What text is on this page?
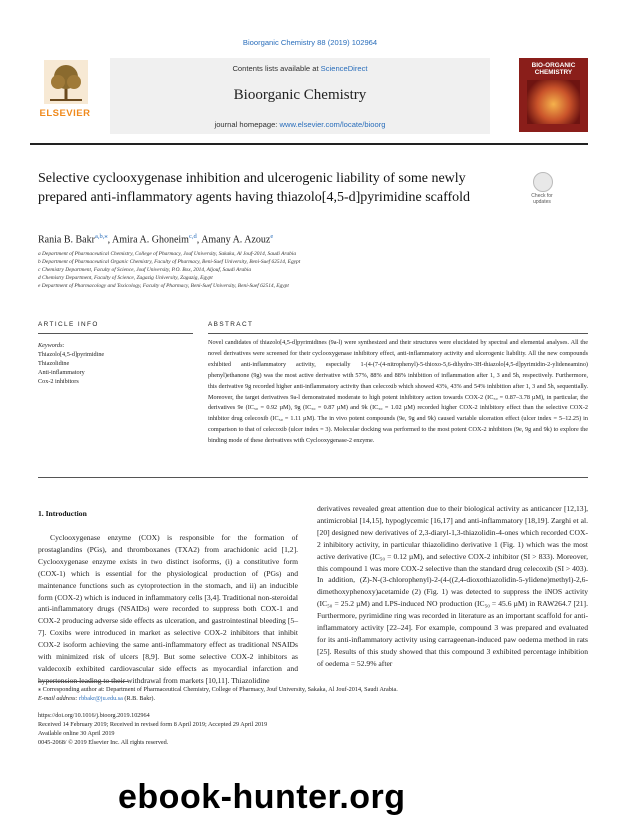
Bioorganic Chemistry 88 (2019) 102964
ELSEVIER
Contents lists available at ScienceDirect
Bioorganic Chemistry
journal homepage: www.elsevier.com/locate/bioorg
BIO-ORGANIC CHEMISTRY
Selective cyclooxygenase inhibition and ulcerogenic liability of some newly prepared anti-inflammatory agents having thiazolo[4,5-d]pyrimidine scaffold	Check for updates
Rania B. Bakr$^{a,b,⁎}$, Amira A. Ghoneim$^{c,d}$, Amany A. Azouz$^e$
a Department of Pharmaceutical Chemistry, College of Pharmacy, Jouf University, Sakaka, Al Jouf-2014, Saudi Arabia
b Department of Pharmaceutical Organic Chemistry, Faculty of Pharmacy, Beni-Suef University, Beni-Suef 62514, Egypt
c Chemistry Department, Faculty of Science, Jouf University, P.O. Box, 2014, Aljouf, Saudi Arabia
d Chemistry Department, Faculty of Science, Zagazig University, Zagazig, Egypt
e Department of Pharmacology and Toxicology, Faculty of Pharmacy, Beni-Suef University, Beni-Suef 62514, Egypt
ARTICLE INFO	ABSTRACT
Keywords:
Thiazolo[4,5-d]pyrimidine
Thiazolidine
Anti-inflammatory
Cox-2 inhibitors
Novel candidates of thiazolo[4,5-d]pyrimidines (9a-l) were synthesized and their structures were elucidated by spectral and elemental analyses. All the novel derivatives were screened for their cyclooxygenase inhibitory effect, anti-inflammatory activity and ulcerogenic liability. All the new compounds exhibited anti-inflammatory activity, especially 1-(4-(7-(4-nitrophenyl)-5-thioxo-5,6-dihydro-3H-thiazolo[4,5-d]pyrimidin-2-ylideneamino) phenyl)ethanone (9g) was the most active derivative with 57%, 88% and 88% inhibition of inflammation after 1, 3 and 5h, respectively. Furthermore, this derivative 9g recorded higher anti-inflammatory activity than celecoxib which showed 43%, 43% and 54% inhibition after 1, 3 and 5h, sequentially. Moreover, the target derivatives 9a-l demonstrated moderate to high potent inhibitory action towards COX-2 (IC₅₀ = 0.87–3.78 µM), in particular, the derivatives 9e (IC₅₀ = 0.92 µM), 9g (IC₅₀ = 0.87 µM) and 9k (IC₅₀ = 1.02 µM) recorded higher COX-2 inhibitory effect than the selective COX-2 inhibitor drug celecoxib (IC₅₀ = 1.11 µM). The in vivo potent compounds (9e, 9g and 9k) caused variable ulceration effect (ulcer index = 5–12.25) in comparison to that of celecoxib (ulcer index = 3). Molecular docking was performed to the most potent COX-2 inhibitors (9e, 9g and 9k) to explore the binding mode of these derivatives with Cyclooxygenase-2 enzyme.
1. Introduction
Cyclooxygenase enzyme (COX) is responsible for the formation of prostaglandins (PGs), and thromboxanes (TXA2) from arachidonic acid [1,2]. Cyclooxygenase enzyme exists in two distinct isoforms, (i) a constitutive form (COX-1) which is essential for the physiological production of (PGs) and maintenance functions such as cytoprotection in the stomach, and ii) an inducible form (COX-2) which is induced in inflammatory cells [3,4]. Traditional non-steroidal anti-inflammatory drugs (NSAIDs) were recorded to suppress both COX-1 and COX-2 producing adverse side effects as ulceration, and gastrointestinal bleeding [5–7]. Coxibs were introduced in market as selective COX-2 inhibitors that inhibit COX-2 isoform achieving the same anti-inflammatory effect as traditional NSAIDs with minimized risk of ulcers [8,9]. But some selective COX-2 inhibitors as valdecoxib exhibited cardiovascular side effects as myocardial infarction and hypertension leading to their withdrawal from markets [10,11]. Thiazolidine
derivatives revealed great attention due to their biological activity as anticancer [12,13], antimicrobial [14,15], hypoglycemic [16,17] and anti-inflammatory [18,19]. Zarghi et al. [20] designed new derivatives of 2,3-diaryl-1,3-thiazolidin-4-ones which recorded COX-2 inhibitory activity, in particular thiazolidino derivative 1 (Fig. 1) which was the most active derivative (IC₅₀ = 0.12 µM), and selective COX-2 inhibitor (SI > 833). Moreover, this compound 1 was more COX-2 selective than the standard drug celecoxib (SI > 403). In addition, (Z)-N-(3-chlorophenyl)-2-(4-((2,4-dioxothiazolidin-5-ylidene)methyl)-2,6-dimethoxyphenoxy)acetamide (2) (Fig. 1) was detected to suppress the iNOS activity (IC₅₀ = 25.2 µM) and LPS-induced NO production (IC₅₀ = 45.6 µM) in RAW264.7 [21]. Furthermore, pyrimidine ring was recorded in literature as an important scaffold for anti-inflammatory activity [22–24]. For example, compound 3 was prepared and evaluated for its anti-inflammatory activity using carrageenan-induced paw oedema method in rats [25]. Results of this study showed that this compound 3 exhibited percentage inhibition of oedema = 52.9% after
⁎ Corresponding author at: Department of Pharmaceutical Chemistry, College of Pharmacy, Jouf University, Sakaka, Al Jouf-2014, Saudi Arabia.
E-mail address: rbbakr@ju.edu.sa (R.B. Bakr).
https://doi.org/10.1016/j.bioorg.2019.102964
Received 14 February 2019; Received in revised form 8 April 2019; Accepted 29 April 2019
Available online 30 April 2019
0045-2068/ © 2019 Elsevier Inc. All rights reserved.
ebook-hunter.org
